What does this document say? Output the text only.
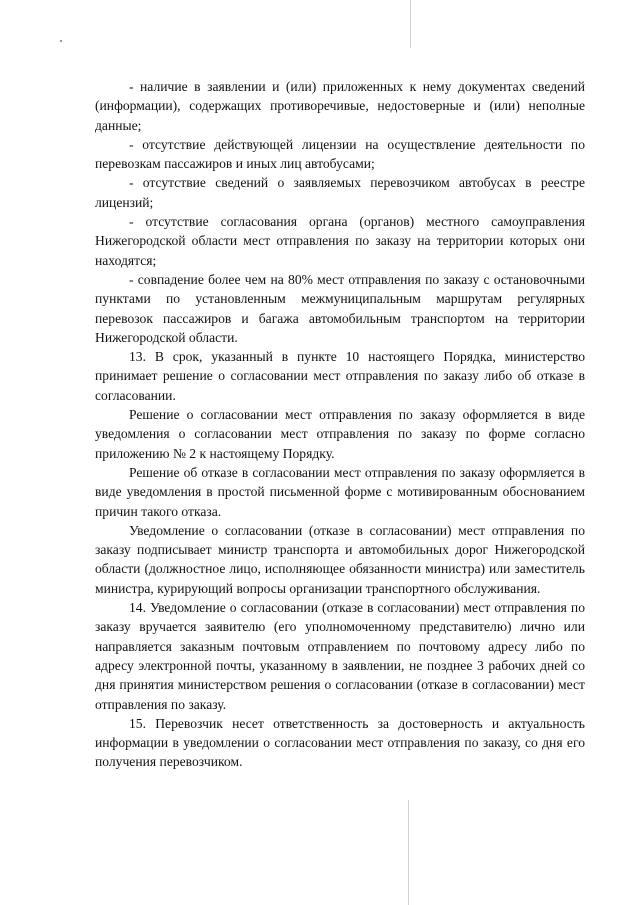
- наличие в заявлении и (или) приложенных к нему документах сведений (информации), содержащих противоречивые, недостоверные и (или) неполные данные;

- отсутствие действующей лицензии на осуществление деятельности по перевозкам пассажиров и иных лиц автобусами;

- отсутствие сведений о заявляемых перевозчиком автобусах в реестре лицензий;

- отсутствие согласования органа (органов) местного самоуправления Нижегородской области мест отправления по заказу на территории которых они находятся;

- совпадение более чем на 80% мест отправления по заказу с остановочными пунктами по установленным межмуниципальным маршрутам регулярных перевозок пассажиров и багажа автомобильным транспортом на территории Нижегородской области.

13. В срок, указанный в пункте 10 настоящего Порядка, министерство принимает решение о согласовании мест отправления по заказу либо об отказе в согласовании.

Решение о согласовании мест отправления по заказу оформляется в виде уведомления о согласовании мест отправления по заказу по форме согласно приложению № 2 к настоящему Порядку.

Решение об отказе в согласовании мест отправления по заказу оформляется в виде уведомления в простой письменной форме с мотивированным обоснованием причин такого отказа.

Уведомление о согласовании (отказе в согласовании) мест отправления по заказу подписывает министр транспорта и автомобильных дорог Нижегородской области (должностное лицо, исполняющее обязанности министра) или заместитель министра, курирующий вопросы организации транспортного обслуживания.

14. Уведомление о согласовании (отказе в согласовании) мест отправления по заказу вручается заявителю (его уполномоченному представителю) лично или направляется заказным почтовым отправлением по почтовому адресу либо по адресу электронной почты, указанному в заявлении, не позднее 3 рабочих дней со дня принятия министерством решения о согласовании (отказе в согласовании) мест отправления по заказу.

15. Перевозчик несет ответственность за достоверность и актуальность информации в уведомлении о согласовании мест отправления по заказу, со дня его получения перевозчиком.
